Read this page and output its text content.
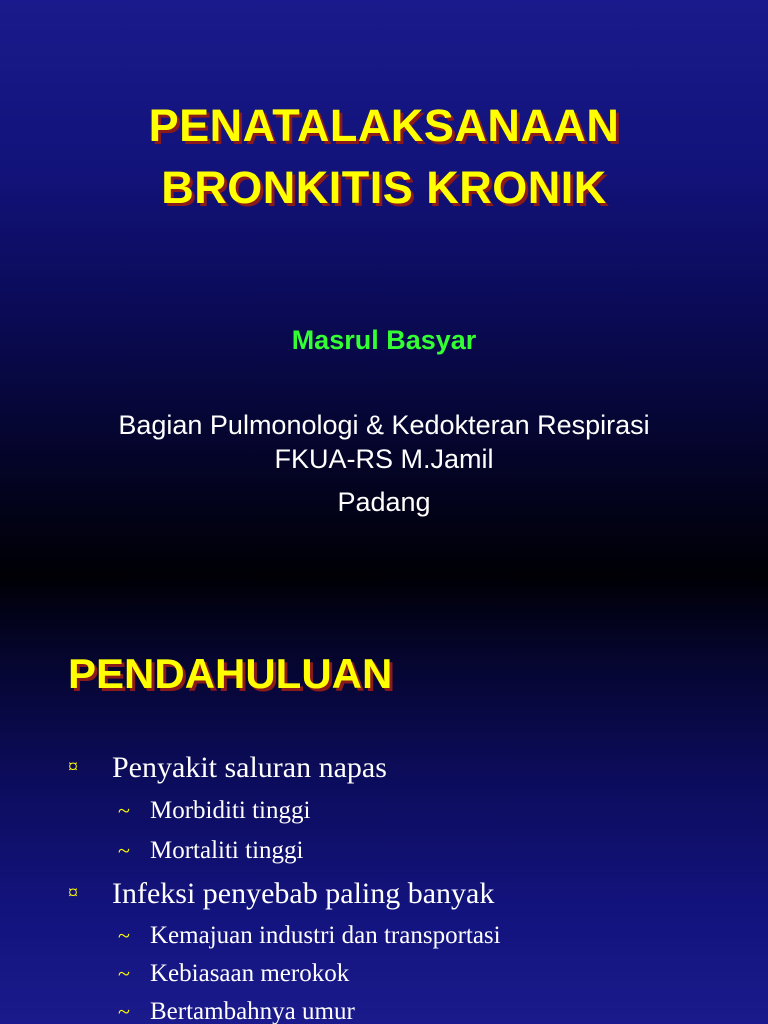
PENATALAKSANAAN
BRONKITIS KRONIK
Masrul Basyar
Bagian Pulmonologi & Kedokteran Respirasi
FKUA-RS M.Jamil
Padang
PENDAHULUAN
¤ Penyakit saluran napas
~ Morbiditi tinggi
~ Mortaliti tinggi
¤ Infeksi penyebab paling banyak
~ Kemajuan industri dan transportasi
~ Kebiasaan merokok
~ Bertambahnya umur
